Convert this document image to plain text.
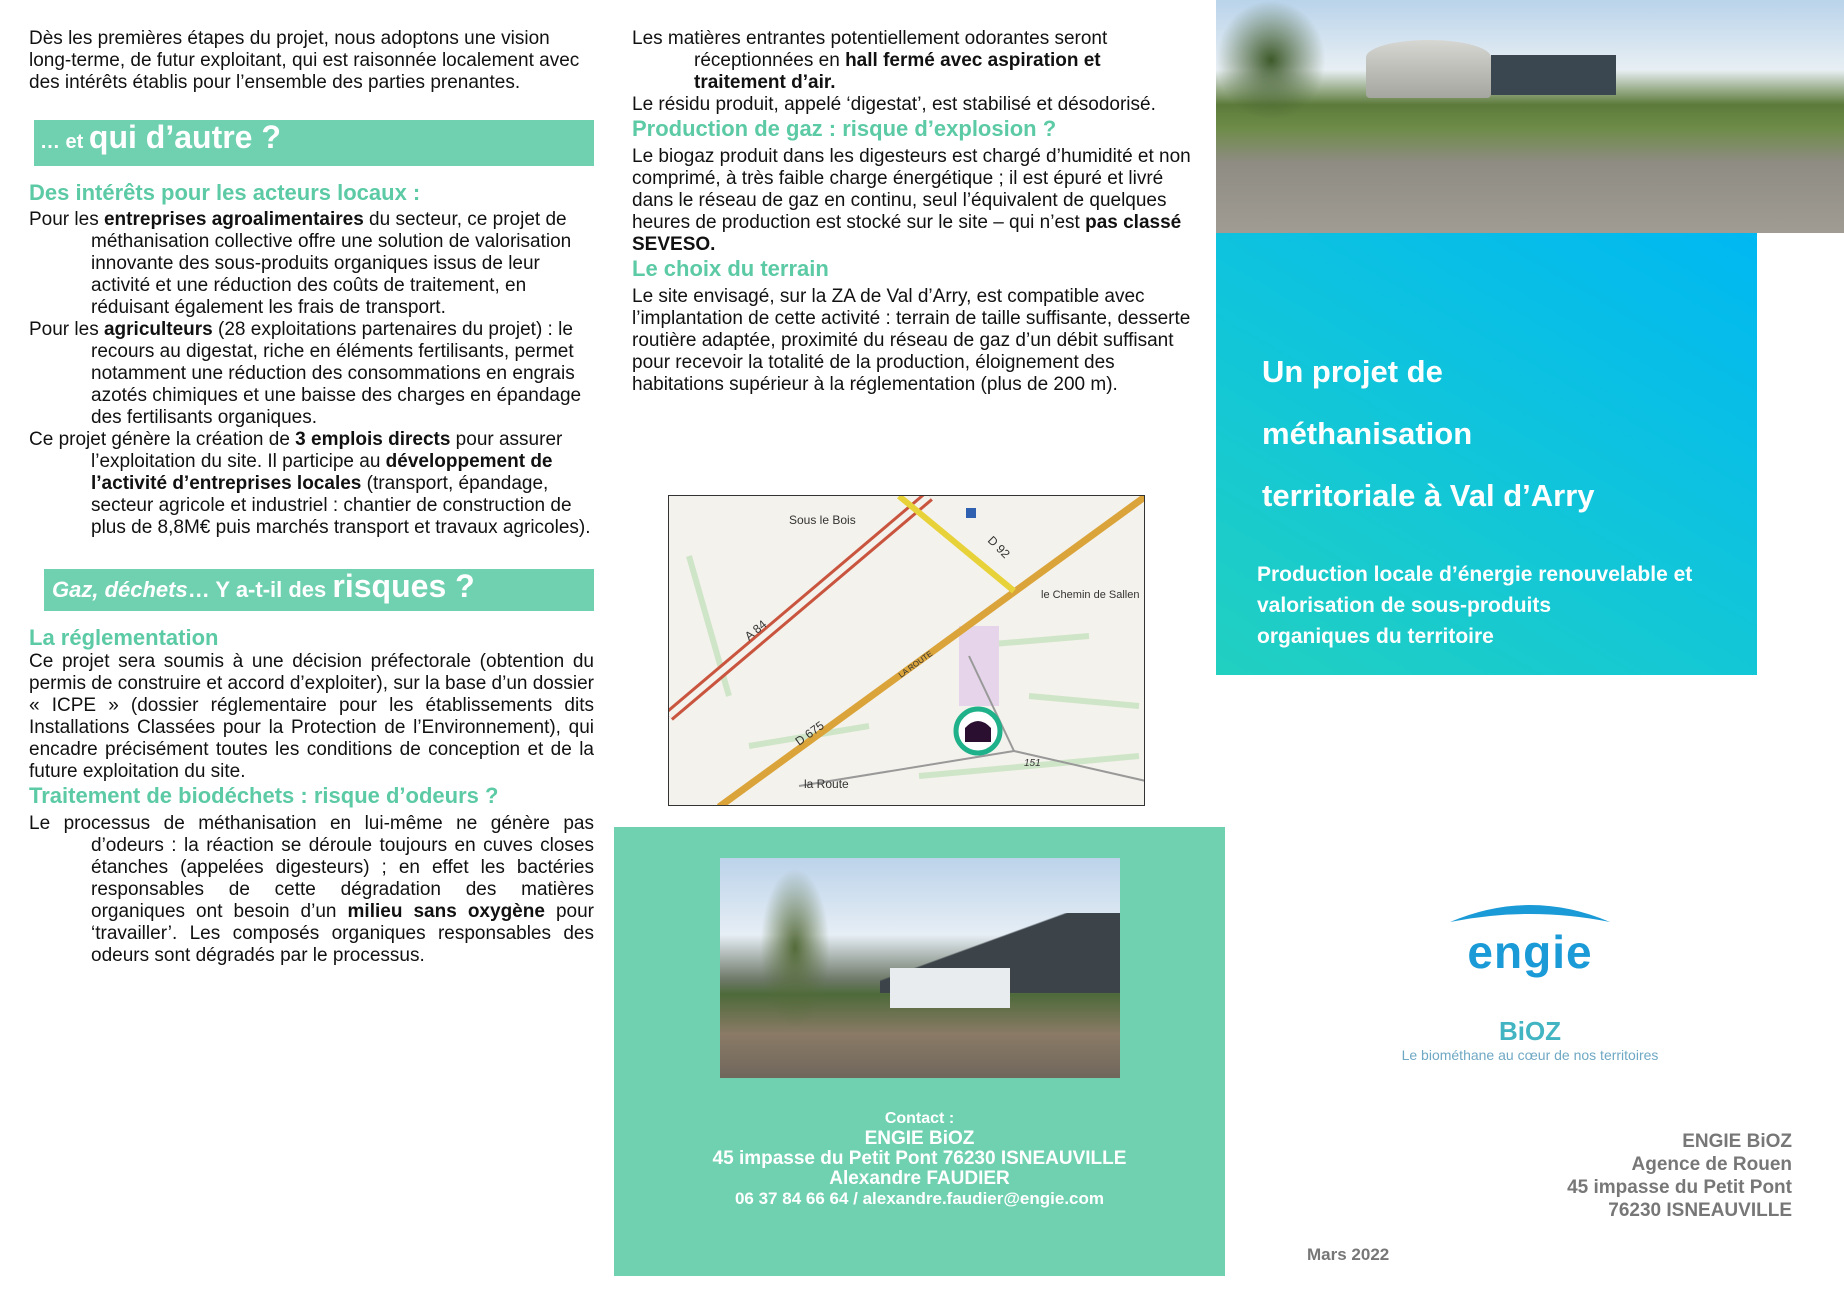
Dès les premières étapes du projet, nous adoptons une vision long-terme, de futur exploitant, qui est raisonnée localement avec des intérêts établis pour l’ensemble des parties prenantes.

… et qui d’autre ?

Des intérêts pour les acteurs locaux :

Pour les entreprises agroalimentaires du secteur, ce projet de méthanisation collective offre une solution de valorisation innovante des sous-produits organiques issus de leur activité et une réduction des coûts de traitement, en réduisant également les frais de transport.

Pour les agriculteurs (28 exploitations partenaires du projet) : le recours au digestat, riche en éléments fertilisants, permet notamment une réduction des consommations en engrais azotés chimiques et une baisse des charges en épandage des fertilisants organiques.

Ce projet génère la création de 3 emplois directs pour assurer l’exploitation du site. Il participe au développement de l’activité d’entreprises locales (transport, épandage, secteur agricole et industriel : chantier de construction de plus de 8,8M€ puis marchés transport et travaux agricoles).

Gaz, déchets… Y a-t-il des risques ?

La réglementation

Ce projet sera soumis à une décision préfectorale (obtention du permis de construire et accord d’exploiter), sur la base d’un dossier « ICPE » (dossier réglementaire pour les établissements dits Installations Classées pour la Protection de l’Environnement), qui encadre précisément toutes les conditions de conception et de la future exploitation du site.

Traitement de biodéchets : risque d’odeurs ?

Le processus de méthanisation en lui-même ne génère pas d’odeurs : la réaction se déroule toujours en cuves closes étanches (appelées digesteurs) ; en effet les bactéries responsables de cette dégradation des matières organiques ont besoin d’un milieu sans oxygène pour ‘travailler’. Les composés organiques responsables des odeurs sont dégradés par le processus.

Les matières entrantes potentiellement odorantes seront réceptionnées en hall fermé avec aspiration et traitement d’air.

Le résidu produit, appelé ‘digestat’, est stabilisé et désodorisé.

Production de gaz : risque d’explosion ?

Le biogaz produit dans les digesteurs est chargé d’humidité et non comprimé, à très faible charge énergétique ; il est épuré et livré dans le réseau de gaz en continu, seul l’équivalent de quelques heures de production est stocké sur le site – qui n’est pas classé SEVESO.

Le choix du terrain

Le site envisagé, sur la ZA de Val d’Arry, est compatible avec l’implantation de cette activité : terrain de taille suffisante, desserte routière adaptée, proximité du réseau de gaz d’un débit suffisant pour recevoir la totalité de la production, éloignement des habitations supérieur à la réglementation (plus de 200 m).

Sous le Bois
A 84
D 92
le Chemin de Sallen
LA ROUTE
D 675
la Route
151
Contact :
ENGIE BiOZ
45 impasse du Petit Pont 76230 ISNEAUVILLE
Alexandre FAUDIER
06 37 84 66 64 / alexandre.faudier@engie.com
Un projet de
méthanisation
territoriale à Val d’Arry
Production locale d’énergie renouvelable et
valorisation de sous-produits
organiques du territoire
engie
BiOZ
Le biométhane au cœur de nos territoires
ENGIE BiOZ
Agence de Rouen
45 impasse du Petit Pont
76230 ISNEAUVILLE
Mars 2022
